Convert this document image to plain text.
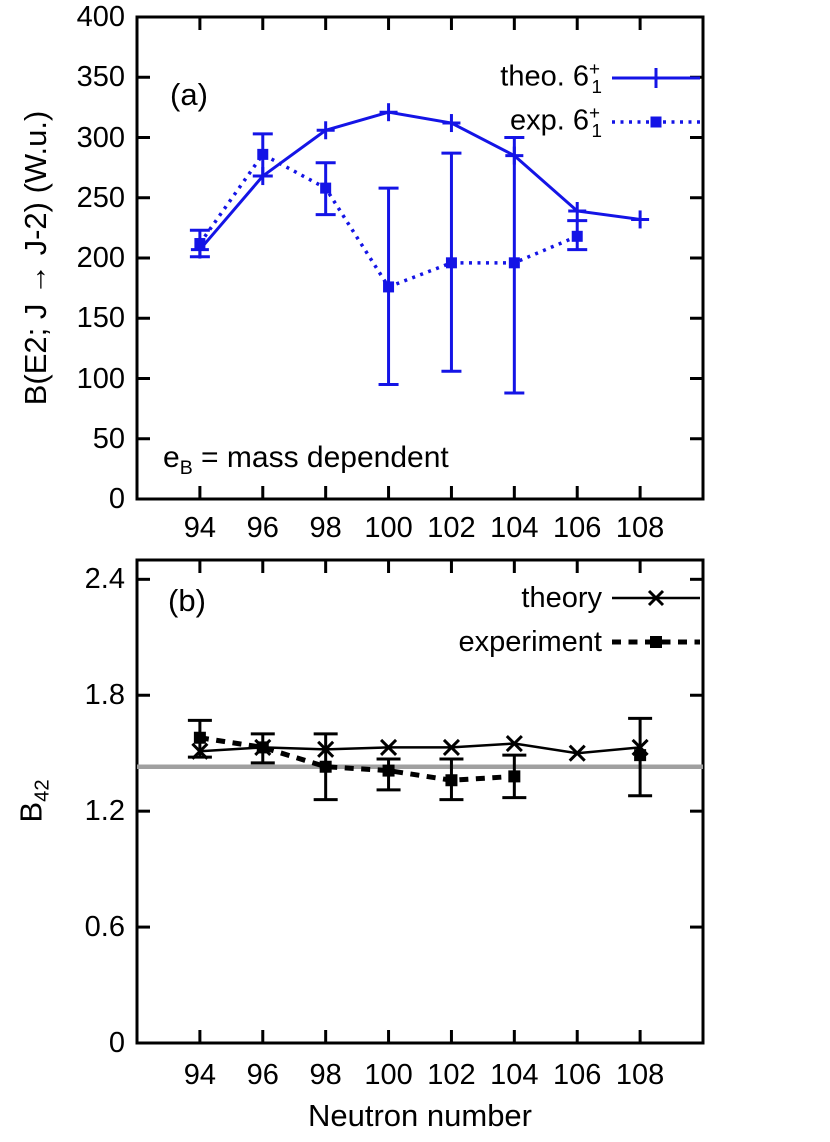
B(E2; J → J-2) (W.u.)
(a)
$e_B$ = mass dependent
theo. $6^+_1$
exp. $6^+_1$
$B_{42}$
(b)
Neutron number
theory
experiment
94	96	98 100 102 104 106 108
0
50
100
150
200
250
300
350
400
94	96	98 100 102 104 106 108
0
0.6
1.2
1.8
2.4
